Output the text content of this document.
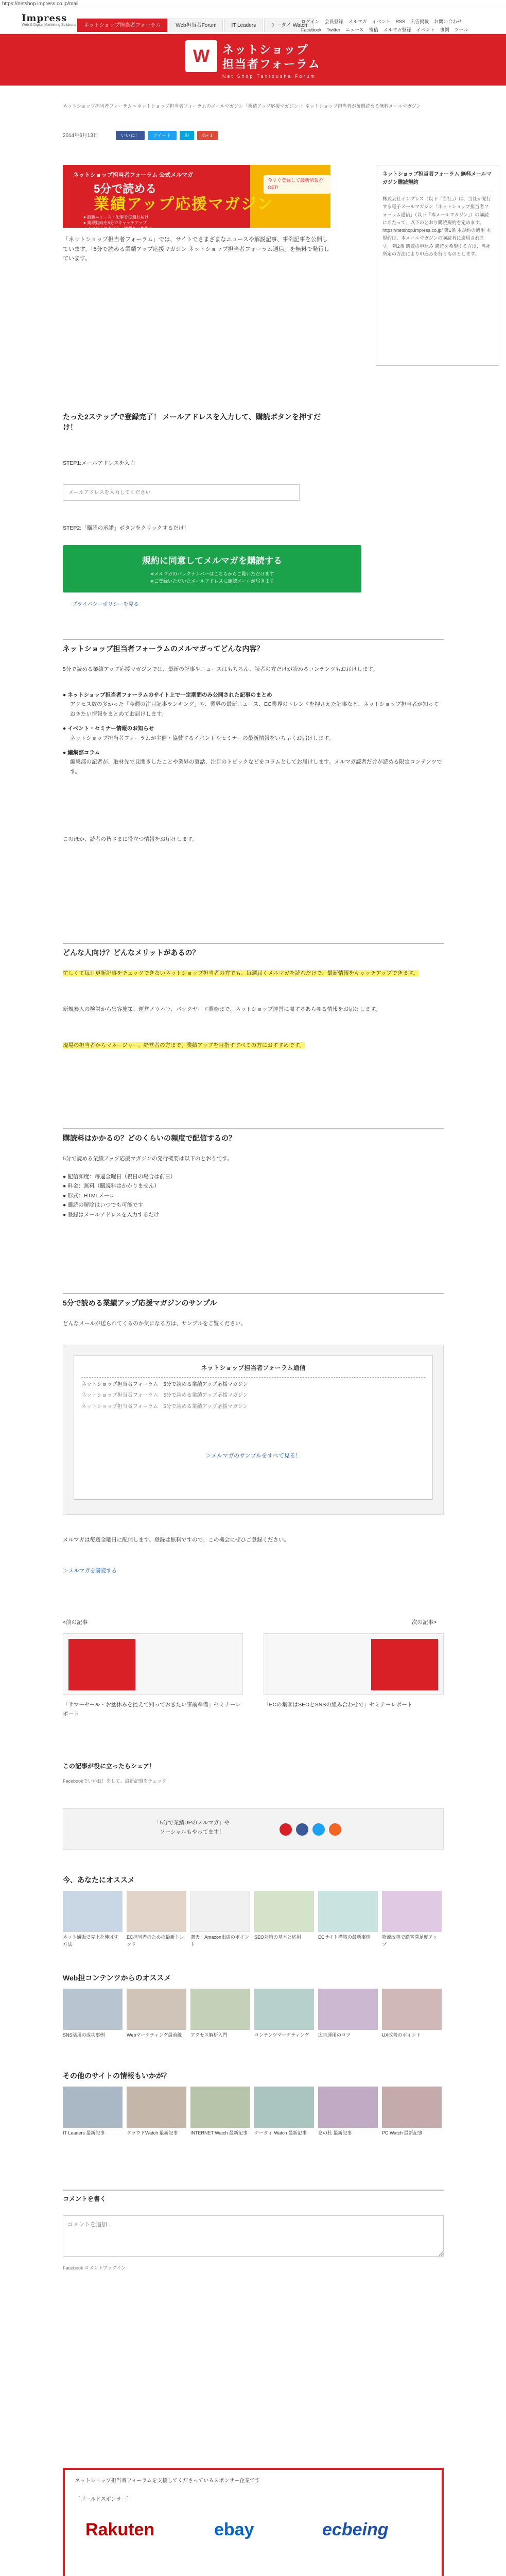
https://netshop.impress.co.jp/mail
Impress
Web & Digital Marketing Solutions	ネットショップ担当者フォーラム	Web担当者Forum	IT Leaders	ケータイ Watch
ログイン 会員登録 メルマガ イベント RSS 広告掲載 お問い合わせ
Facebook Twitter ニュース 寄稿 メルマガ登録 イベント 事例 ツール
W	ネットショップ
担当者フォーラム
Net Shop Tantousha Forum
ネットショップ担当者フォーラム > ネットショップ担当者フォーラムのメールマガジン「業績アップ応援マガジン」：ネットショップ担当者が毎週読める無料メールマガジン
2014年6月13日	いいね！	ツイート	B!	G+ 1
ネットショップ担当者フォーラム 公式メルマガ
5分で読める
業績アップ応援マガジン
今すぐ登録して最新情報をGET!
● 最新ニュース・記事を毎週お届け
● 業界動向を5分でキャッチアップ
● イベントやセミナー情報もいち早く
「ネットショップ担当者フォーラム」では、サイトでさまざまなニュースや解説記事、事例記事を公開しています。「5分で読める業績アップ応援マガジン ネットショップ担当者フォーラム通信」を無料で発行しています。
たった2ステップで登録完了！ メールアドレスを入力して、購読ボタンを押すだけ！
STEP1:メールアドレスを入力
メールアドレスを入力してください
STEP2:「購読の承諾」ボタンをクリックするだけ！
規約に同意してメルマガを購読する
※メルマガのバックナンバーはこちらからご覧いただけます
※ご登録いただいたメールアドレスに確認メールが届きます
プライバシーポリシーを見る
ネットショップ担当者フォーラムのメルマガってどんな内容？
5分で読める業績アップ応援マガジンでは、最新の記事やニュースはもちろん、読者の方だけが読めるコンテンツもお届けします。
● ネットショップ担当者フォーラムのサイト上で一定期間のみ公開された記事のまとめ
アクセス数の多かった「今週の注目記事ランキング」や、業界の最新ニュース、EC業界のトレンドを押さえた記事など、ネットショップ担当者が知っておきたい情報をまとめてお届けします。
● イベント・セミナー情報のお知らせ
ネットショップ担当者フォーラムが主催・協賛するイベントやセミナーの最新情報をいち早くお届けします。
● 編集部コラム
編集部の記者が、取材先で見聞きしたことや業界の裏話、注目のトピックなどをコラムとしてお届けします。メルマガ読者だけが読める限定コンテンツです。
このほか、読者の皆さまに役立つ情報をお届けします。
どんな人向け？どんなメリットがあるの？
忙しくて毎日更新記事をチェックできないネットショップ担当者の方でも、毎週届くメルマガを読むだけで、最新情報をキャッチアップできます。
新規参入の検討から集客施策、運営ノウハウ、バックヤード業務まで、ネットショップ運営に関するあらゆる情報をお届けします。
現場の担当者からマネージャー、経営者の方まで、業績アップを目指すすべての方におすすめです。
購読料はかかるの？どのくらいの頻度で配信するの？
5分で読める業績アップ応援マガジンの発行概要は以下のとおりです。
● 配信頻度：毎週金曜日（祝日の場合は前日）
● 料金：無料（購読料はかかりません）
● 形式：HTMLメール
● 購読の解除はいつでも可能です
● 登録はメールアドレスを入力するだけ
5分で読める業績アップ応援マガジンのサンプル
どんなメールが送られてくるのか気になる方は、サンプルをご覧ください。
ネットショップ担当者フォーラム通信
ネットショップ担当者フォーラム　5分で読める業績アップ応援マガジン
ネットショップ担当者フォーラム　5分で読める業績アップ応援マガジン
ネットショップ担当者フォーラム　5分で読める業績アップ応援マガジン
＞メルマガのサンプルをすべて見る！
メルマガは毎週金曜日に配信します。登録は無料ですので、この機会にぜひご登録ください。
＞メルマガを購読する
<前の記事	次の記事>
「サマーセール・お盆休みを控えて知っておきたい事前準備」セミナーレポート
「ECの集客はSEOとSNSの組み合わせで」セミナーレポート
この記事が役に立ったらシェア！
Facebookでいいね！をして、最新記事をチェック
「5分で業績UPのメルマガ」や
ソーシャルもやってます！
今、あなたにオススメ
ネット通販で売上を伸ばす方法
EC担当者のための最新トレンド
楽天・Amazon出店のポイント
SEO対策の基本と応用	ECサイト構築の最新事情	物流改善で顧客満足度アップ
Web担コンテンツからのオススメ
SNS活用の成功事例	Webマーケティング最前線	アクセス解析入門	コンテンツマーケティング	広告運用のコツ	UX改善のポイント
その他のサイトの情報もいかが？
IT Leaders 最新記事	クラウドWatch 最新記事	INTERNET Watch 最新記事	ケータイ Watch 最新記事	窓の杜 最新記事	PC Watch 最新記事
コメントを書く
コメントを追加...
Facebook コメントプラグイン
ネットショップ担当者フォーラムを支援してくださっているスポンサー企業です
［ゴールドスポンサー］
Rakuten	ebay	ecbeing
ネットショップ担当者フォーラム 無料メールマガジン購読規約
株式会社インプレス（以下「当社」）は、当社が発行する電子メールマガジン「ネットショップ担当者フォーラム通信」（以下「本メールマガジン」）の購読にあたって、以下のとおり購読規約を定めます。https://netshop.impress.co.jp/ 第1条 本規約の適用 本規約は、本メールマガジンの購読者に適用されます。 第2条 購読の申込み 購読を希望する方は、当社所定の方法により申込みを行うものとします。
